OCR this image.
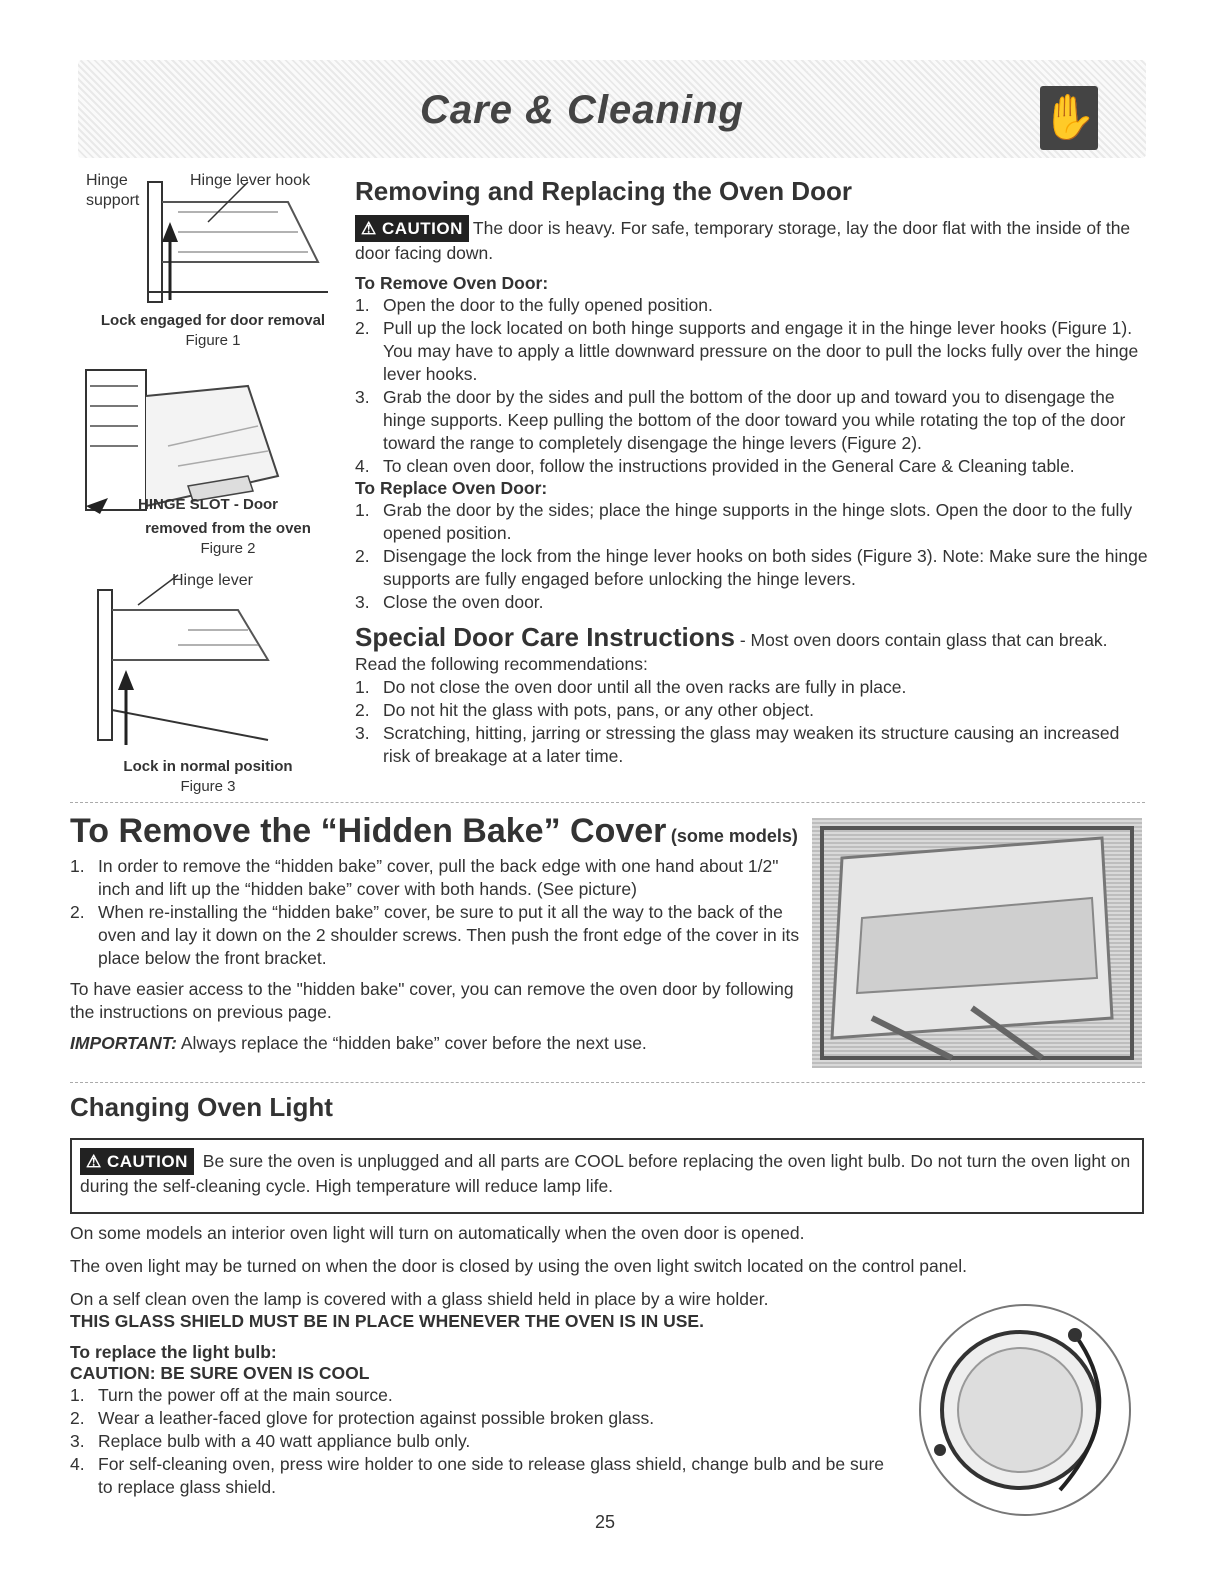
Care & Cleaning	✋
Hinge
support
Hinge lever hook
Lock engaged for door removal
Figure 1
HINGE SLOT - Door
removed from the oven
Figure 2
Hinge lever
Lock in normal position
Figure 3
Removing and Replacing the Oven Door
⚠ CAUTION The door is heavy. For safe, temporary storage, lay the door flat with the inside of the door facing down.
To Remove Oven Door:
1. Open the door to the fully opened position.
2. Pull up the lock located on both hinge supports and engage it in the hinge lever hooks (Figure 1). You may have to apply a little downward pressure on the door to pull the locks fully over the hinge lever hooks.
3. Grab the door by the sides and pull the bottom of the door up and toward you to disengage the hinge supports. Keep pulling the bottom of the door toward you while rotating the top of the door toward the range to completely disengage the hinge levers (Figure 2).
4. To clean oven door, follow the instructions provided in the General Care & Cleaning table.
To Replace Oven Door:
1. Grab the door by the sides; place the hinge supports in the hinge slots. Open the door to the fully opened position.
2. Disengage the lock from the hinge lever hooks on both sides (Figure 3). Note: Make sure the hinge supports are fully engaged before unlocking the hinge levers.
3. Close the oven door.
Special Door Care Instructions - Most oven doors contain glass that can break.
Read the following recommendations:
1. Do not close the oven door until all the oven racks are fully in place.
2. Do not hit the glass with pots, pans, or any other object.
3. Scratching, hitting, jarring or stressing the glass may weaken its structure causing an increased risk of breakage at a later time.
To Remove the “Hidden Bake” Cover (some models)
1. In order to remove the “hidden bake” cover, pull the back edge with one hand about 1/2" inch and lift up the “hidden bake” cover with both hands. (See picture)
2. When re-installing the “hidden bake” cover, be sure to put it all the way to the back of the oven and lay it down on the 2 shoulder screws. Then push the front edge of the cover in its place below the front bracket.
To have easier access to the "hidden bake" cover, you can remove the oven door by following the instructions on previous page.
IMPORTANT: Always replace the “hidden bake” cover before the next use.
Changing Oven Light
⚠ CAUTION Be sure the oven is unplugged and all parts are COOL before replacing the oven light bulb. Do not turn the oven light on during the self-cleaning cycle. High temperature will reduce lamp life.
On some models an interior oven light will turn on automatically when the oven door is opened.
The oven light may be turned on when the door is closed by using the oven light switch located on the control panel.
On a self clean oven the lamp is covered with a glass shield held in place by a wire holder.
THIS GLASS SHIELD MUST BE IN PLACE WHENEVER THE OVEN IS IN USE.
To replace the light bulb:
CAUTION: BE SURE OVEN IS COOL
1. Turn the power off at the main source.
2. Wear a leather-faced glove for protection against possible broken glass.
3. Replace bulb with a 40 watt appliance bulb only.
4. For self-cleaning oven, press wire holder to one side to release glass shield, change bulb and be sure to replace glass shield.
25
